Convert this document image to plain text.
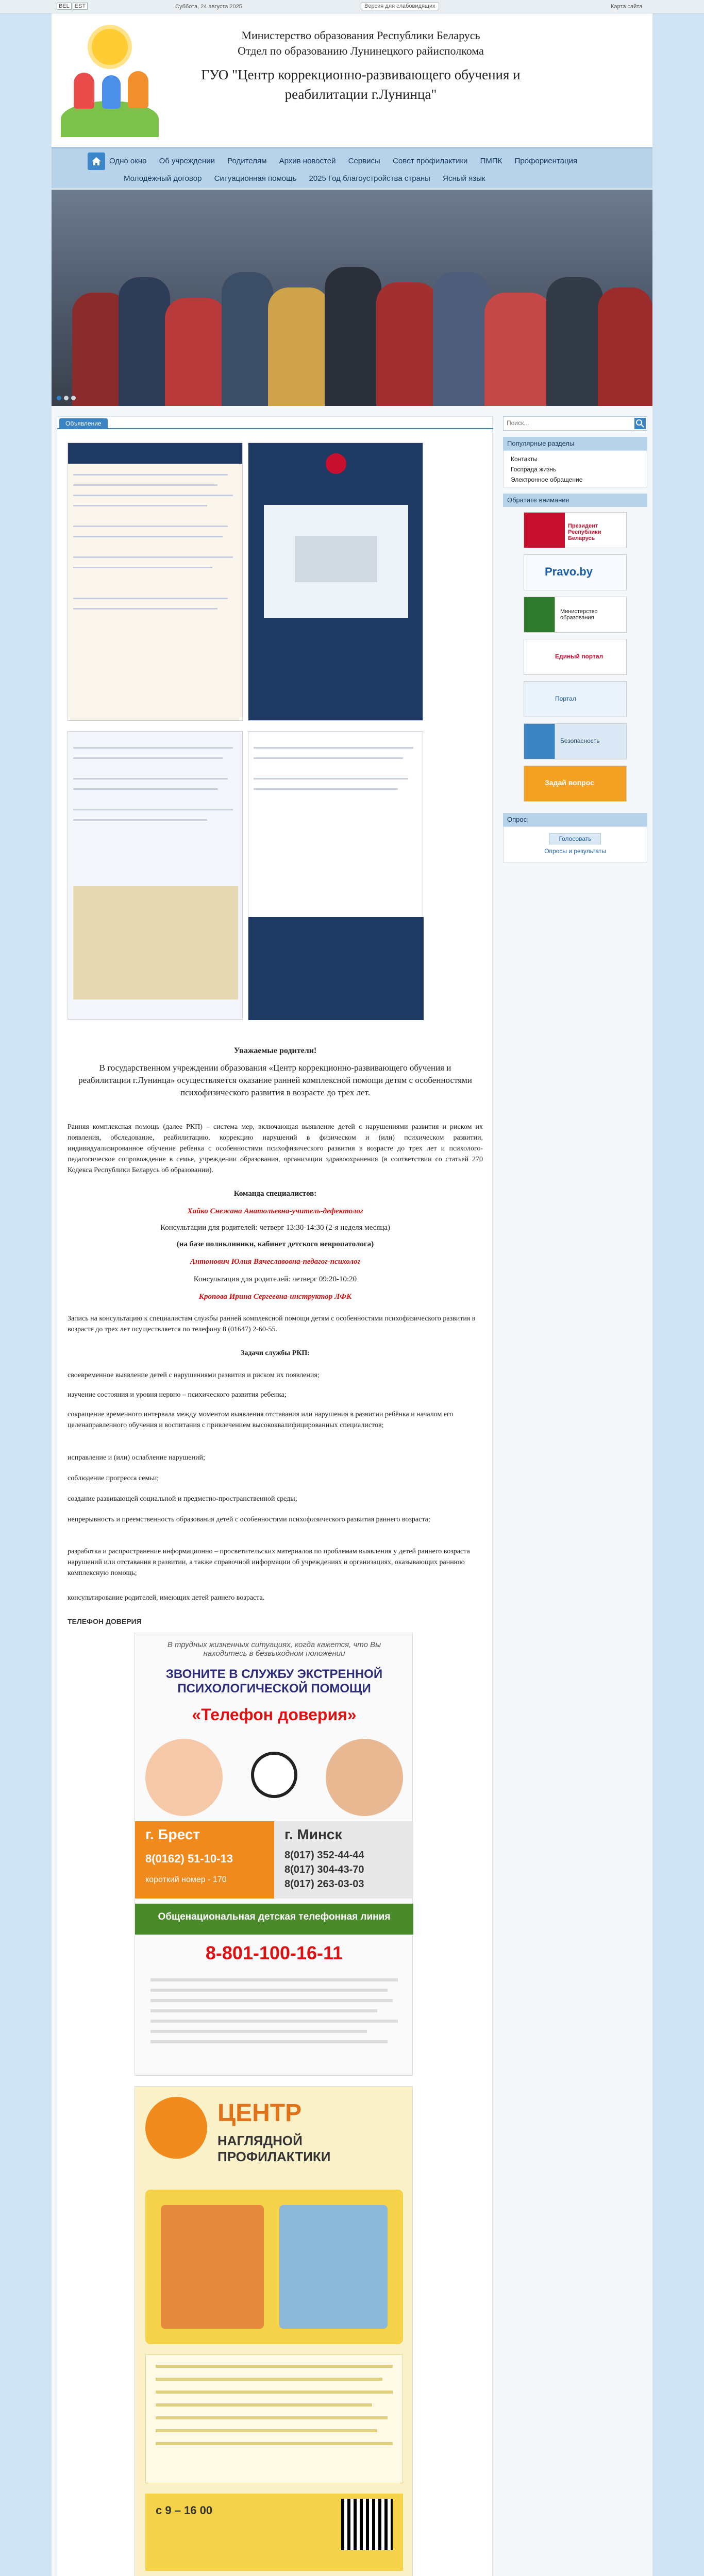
BEL EST	Суббота, 24 августа 2025	Версия для слабовидящих	Карта сайта
Министерство образования Республики Беларусь
Отдел по образованию Лунинецкого райисполкома
ГУО "Центр коррекционно-развивающего обучения и
реабилитации г.Лунинца"
Одно окно Об учреждении Родителям Архив новостей Сервисы Совет профилактики ПМПК Профориентация
Молодёжный договор Ситуационная помощь 2025 Год благоустройства страны Ясный язык
Объявление
Уважаемые родители!
В государственном учреждении образования «Центр коррекционно-развивающего обучения и реабилитации г.Лунинца» осуществляется оказание ранней комплексной помощи детям с особенностями психофизического развития в возрасте до трех лет.
Ранняя комплексная помощь (далее РКП) – система мер, включающая выявление детей с нарушениями развития и риском их появления, обследование, реабилитацию, коррекцию нарушений в физическом и (или) психическом развитии, индивидуализированное обучение ребенка с особенностями психофизического развития в возрасте до трех лет и психолого-педагогическое сопровождение в семье, учреждении образования, организации здравоохранения (в соответствии со статьей 270 Кодекса Республики Беларусь об образовании).
Команда специалистов:
Хайко Снежана Анатольевна-учитель-дефектолог
Консультации для родителей: четверг 13:30-14:30 (2-я неделя месяца)
(на базе поликлиники, кабинет детского невропатолога)
Антонович Юлия Вячеславовна-педагог-психолог
Консультация для родителей: четверг 09:20-10:20
Кропова Ирина Сергеевна-инструктор ЛФК
Запись на консультацию к специалистам службы ранней комплексной помощи детям с особенностями психофизического развития в возрасте до трех лет осуществляется по телефону 8 (01647) 2-60-55.
Задачи службы РКП:
своевременное выявление детей с нарушениями развития и риском их появления;
изучение состояния и уровня нервно – психического развития ребенка;
сокращение временного интервала между моментом выявления отставания или нарушения в развитии ребёнка и началом его целенаправленного обучения и воспитания с привлечением высококвалифицированных специалистов;
исправление и (или) ослабление нарушений;
соблюдение прогресса семьи;
создание развивающей социальной и предметно-пространственной среды;
непрерывность и преемственность образования детей с особенностями психофизического развития раннего возраста;
разработка и распространение информационно – просветительских материалов по проблемам выявления у детей раннего возраста нарушений или отставания в развитии, а также справочной информации об учреждениях и организациях, оказывающих раннюю комплексную помощь;
консультирование родителей, имеющих детей раннего возраста.
ТЕЛЕФОН ДОВЕРИЯ
В трудных жизненных ситуациях, когда кажется, что Вы находитесь в безвыходном положении
ЗВОНИТЕ В СЛУЖБУ ЭКСТРЕННОЙ ПСИХОЛОГИЧЕСКОЙ ПОМОЩИ
«Телефон доверия»
г. Брест
8(0162) 51-10-13
короткий номер - 170
г. Минск
8(017) 352-44-44
8(017) 304-43-70
8(017) 263-03-03
Общенациональная детская телефонная линия
8-801-100-16-11
ЦЕНТР
НАГЛЯДНОЙ ПРОФИЛАКТИКИ
с 9 – 16 00
Поиск...
Популярные разделы
Контакты
Госпрада жизнь
Электронное обращение
Обратите внимание
Президент Республики Беларусь
Pravo.by
Министерство образования
Единый портал
Портал
Безопасность
Задай вопрос
Опрос
Голосовать
Опросы и результаты
